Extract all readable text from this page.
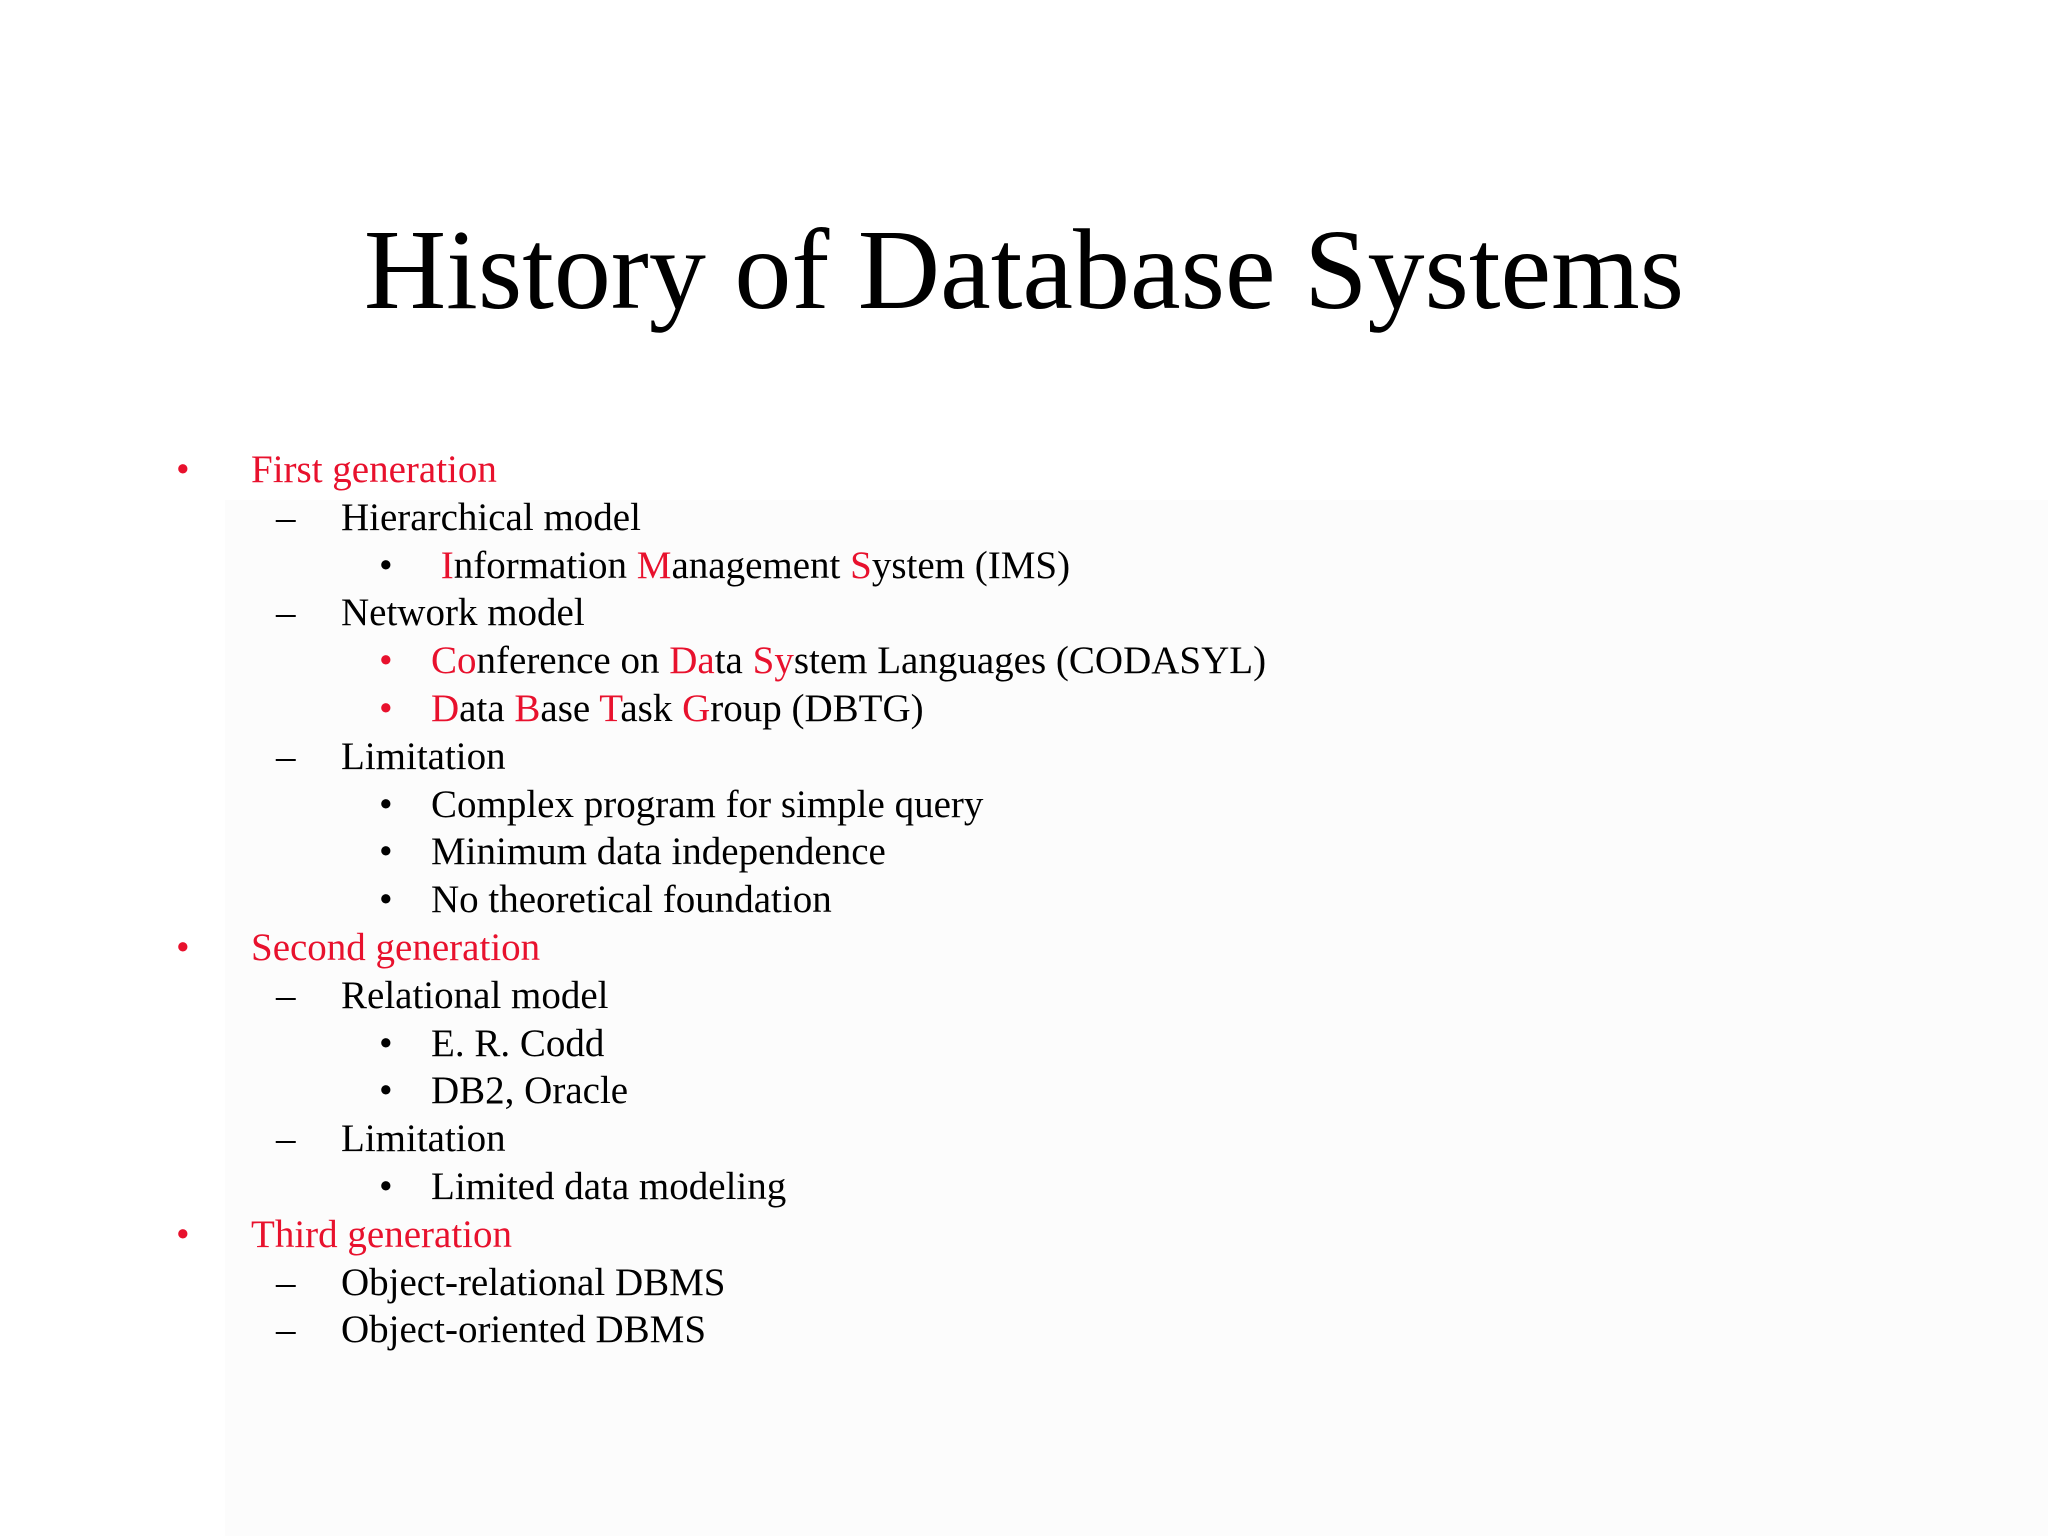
History of Database Systems
• First generation
– Hierarchical model
• Information Management System (IMS)
– Network model
• Conference on Data System Languages (CODASYL)
• Data Base Task Group (DBTG)
– Limitation
• Complex program for simple query
• Minimum data independence
• No theoretical foundation
• Second generation
– Relational model
• E. R. Codd
• DB2, Oracle
– Limitation
• Limited data modeling
• Third generation
– Object-relational DBMS
– Object-oriented DBMS
